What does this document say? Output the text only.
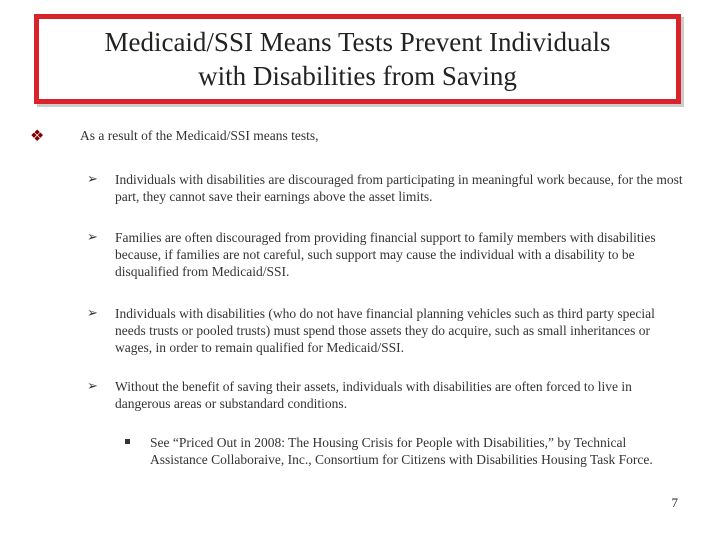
Medicaid/SSI Means Tests Prevent Individuals
with Disabilities from Saving
❖	As a result of the Medicaid/SSI means tests,
➢ Individuals with disabilities are discouraged from participating in meaningful work because, for the most part, they cannot save their earnings above the asset limits.
➢ Families are often discouraged from providing financial support to family members with disabilities because, if families are not careful, such support may cause the individual with a disability to be disqualified from Medicaid/SSI.
➢ Individuals with disabilities (who do not have financial planning vehicles such as third party special needs trusts or pooled trusts) must spend those assets they do acquire, such as small inheritances or wages, in order to remain qualified for Medicaid/SSI.
➢ Without the benefit of saving their assets, individuals with disabilities are often forced to live in dangerous areas or substandard conditions.
See “Priced Out in 2008: The Housing Crisis for People with Disabilities,” by Technical Assistance Collaboraive, Inc., Consortium for Citizens with Disabilities Housing Task Force.
7
